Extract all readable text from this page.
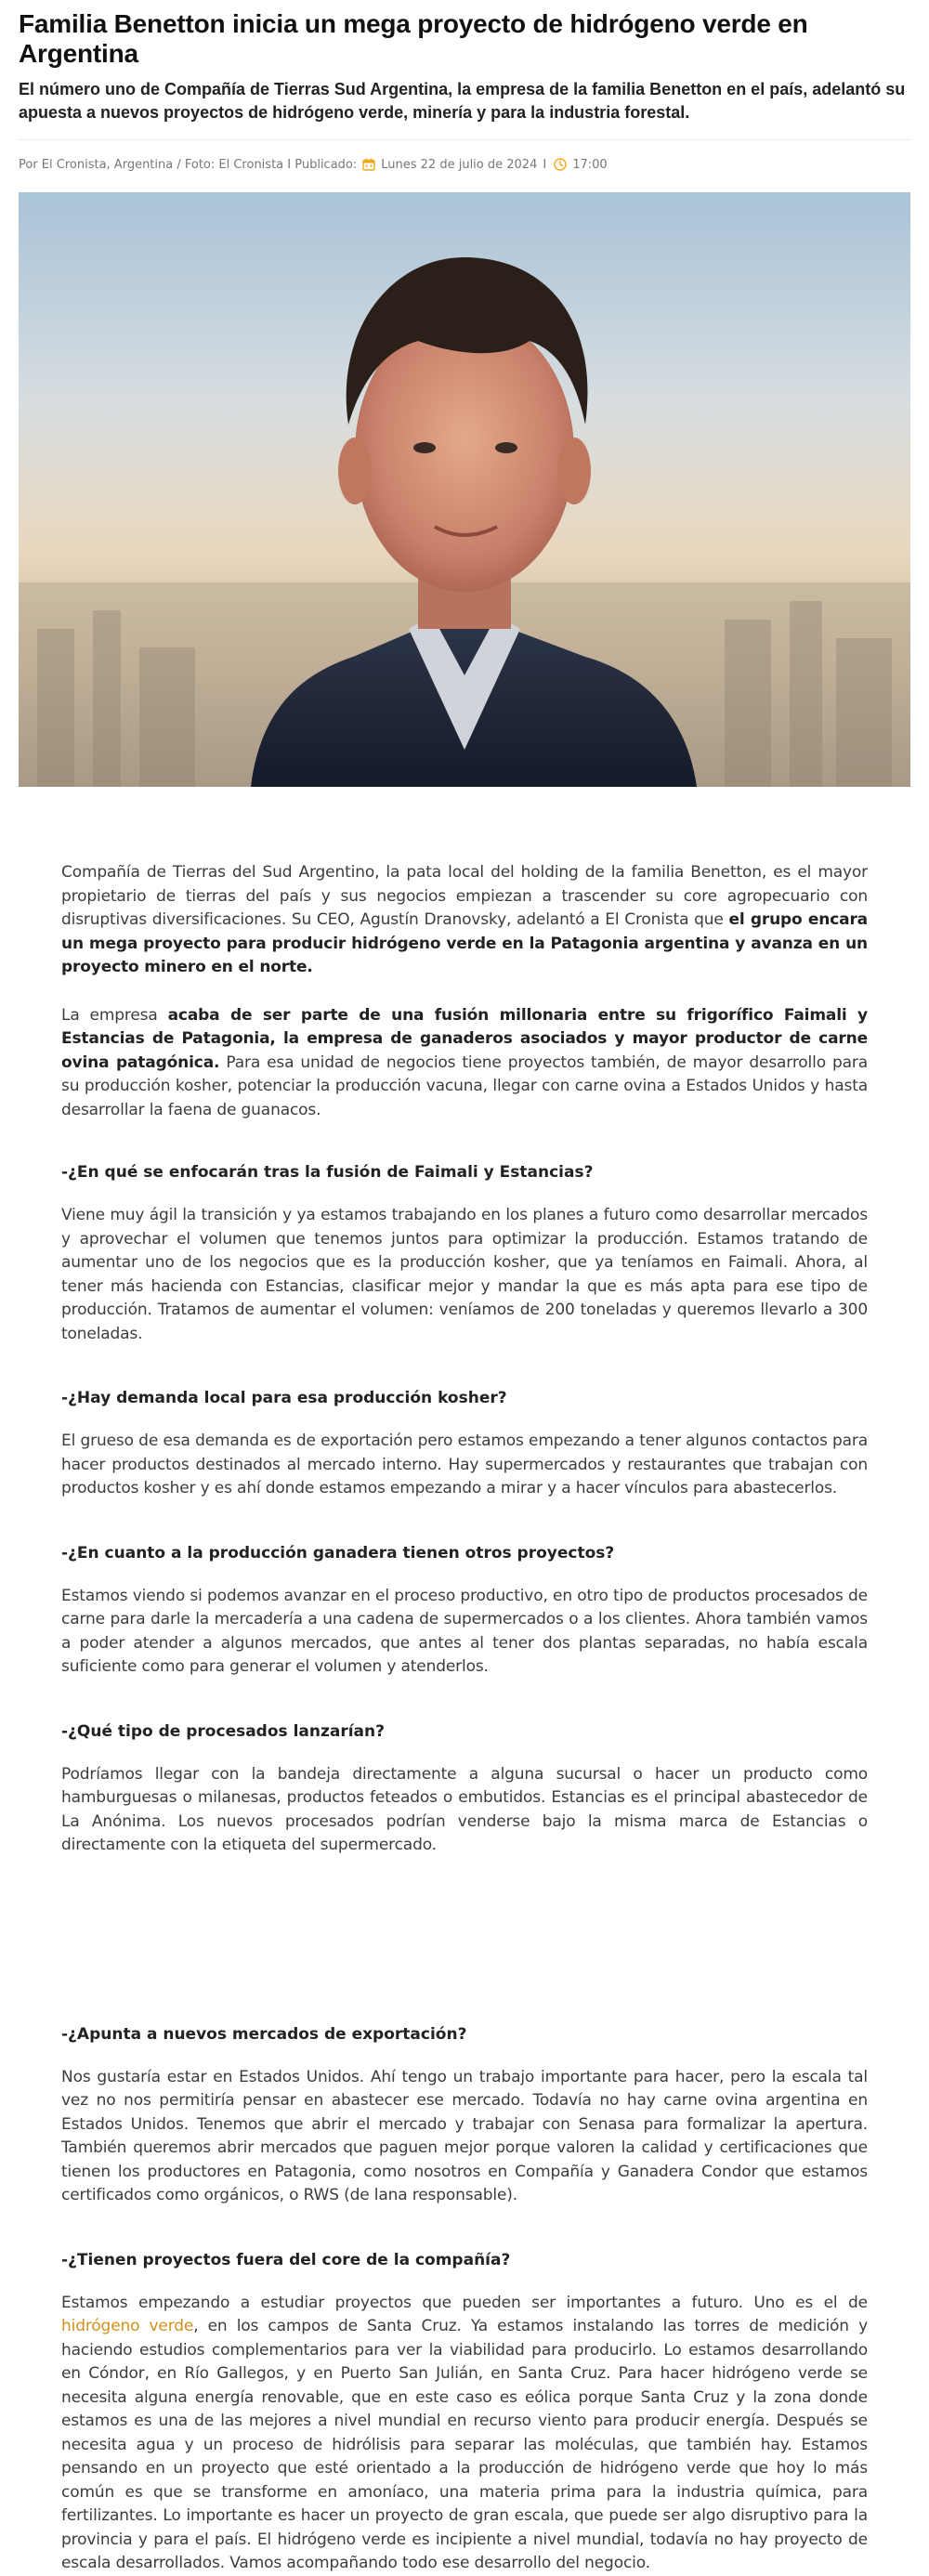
Familia Benetton inicia un mega proyecto de hidrógeno verde en Argentina
El número uno de Compañía de Tierras Sud Argentina, la empresa de la familia Benetton en el país, adelantó su apuesta a nuevos proyectos de hidrógeno verde, minería y para la industria forestal.
Por El Cronista, Argentina / Foto: El Cronista I Publicado: Lunes 22 de julio de 2024 I 17:00

Compañía de Tierras del Sud Argentino, la pata local del holding de la familia Benetton, es el mayor propietario de tierras del país y sus negocios empiezan a trascender su core agropecuario con disruptivas diversificaciones. Su CEO, Agustín Dranovsky, adelantó a El Cronista que el grupo encara un mega proyecto para producir hidrógeno verde en la Patagonia argentina y avanza en un proyecto minero en el norte.

La empresa acaba de ser parte de una fusión millonaria entre su frigorífico Faimali y Estancias de Patagonia, la empresa de ganaderos asociados y mayor productor de carne ovina patagónica. Para esa unidad de negocios tiene proyectos también, de mayor desarrollo para su producción kosher, potenciar la producción vacuna, llegar con carne ovina a Estados Unidos y hasta desarrollar la faena de guanacos.

-¿En qué se enfocarán tras la fusión de Faimali y Estancias?

Viene muy ágil la transición y ya estamos trabajando en los planes a futuro como desarrollar mercados y aprovechar el volumen que tenemos juntos para optimizar la producción. Estamos tratando de aumentar uno de los negocios que es la producción kosher, que ya teníamos en Faimali. Ahora, al tener más hacienda con Estancias, clasificar mejor y mandar la que es más apta para ese tipo de producción. Tratamos de aumentar el volumen: veníamos de 200 toneladas y queremos llevarlo a 300 toneladas.

-¿Hay demanda local para esa producción kosher?

El grueso de esa demanda es de exportación pero estamos empezando a tener algunos contactos para hacer productos destinados al mercado interno. Hay supermercados y restaurantes que trabajan con productos kosher y es ahí donde estamos empezando a mirar y a hacer vínculos para abastecerlos.

-¿En cuanto a la producción ganadera tienen otros proyectos?

Estamos viendo si podemos avanzar en el proceso productivo, en otro tipo de productos procesados de carne para darle la mercadería a una cadena de supermercados o a los clientes. Ahora también vamos a poder atender a algunos mercados, que antes al tener dos plantas separadas, no había escala suficiente como para generar el volumen y atenderlos.

-¿Qué tipo de procesados lanzarían?

Podríamos llegar con la bandeja directamente a alguna sucursal o hacer un producto como hamburguesas o milanesas, productos feteados o embutidos. Estancias es el principal abastecedor de La Anónima. Los nuevos procesados podrían venderse bajo la misma marca de Estancias o directamente con la etiqueta del supermercado.

-¿Apunta a nuevos mercados de exportación?

Nos gustaría estar en Estados Unidos. Ahí tengo un trabajo importante para hacer, pero la escala tal vez no nos permitiría pensar en abastecer ese mercado. Todavía no hay carne ovina argentina en Estados Unidos. Tenemos que abrir el mercado y trabajar con Senasa para formalizar la apertura. También queremos abrir mercados que paguen mejor porque valoren la calidad y certificaciones que tienen los productores en Patagonia, como nosotros en Compañía y Ganadera Condor que estamos certificados como orgánicos, o RWS (de lana responsable).

-¿Tienen proyectos fuera del core de la compañía?

Estamos empezando a estudiar proyectos que pueden ser importantes a futuro. Uno es el de hidrógeno verde, en los campos de Santa Cruz. Ya estamos instalando las torres de medición y haciendo estudios complementarios para ver la viabilidad para producirlo. Lo estamos desarrollando en Cóndor, en Río Gallegos, y en Puerto San Julián, en Santa Cruz. Para hacer hidrógeno verde se necesita alguna energía renovable, que en este caso es eólica porque Santa Cruz y la zona donde estamos es una de las mejores a nivel mundial en recurso viento para producir energía. Después se necesita agua y un proceso de hidrólisis para separar las moléculas, que también hay. Estamos pensando en un proyecto que esté orientado a la producción de hidrógeno verde que hoy lo más común es que se transforme en amoníaco, una materia prima para la industria química, para fertilizantes. Lo importante es hacer un proyecto de gran escala, que puede ser algo disruptivo para la provincia y para el país. El hidrógeno verde es incipiente a nivel mundial, todavía no hay proyecto de escala desarrollados. Vamos acompañando todo ese desarrollo del negocio.
